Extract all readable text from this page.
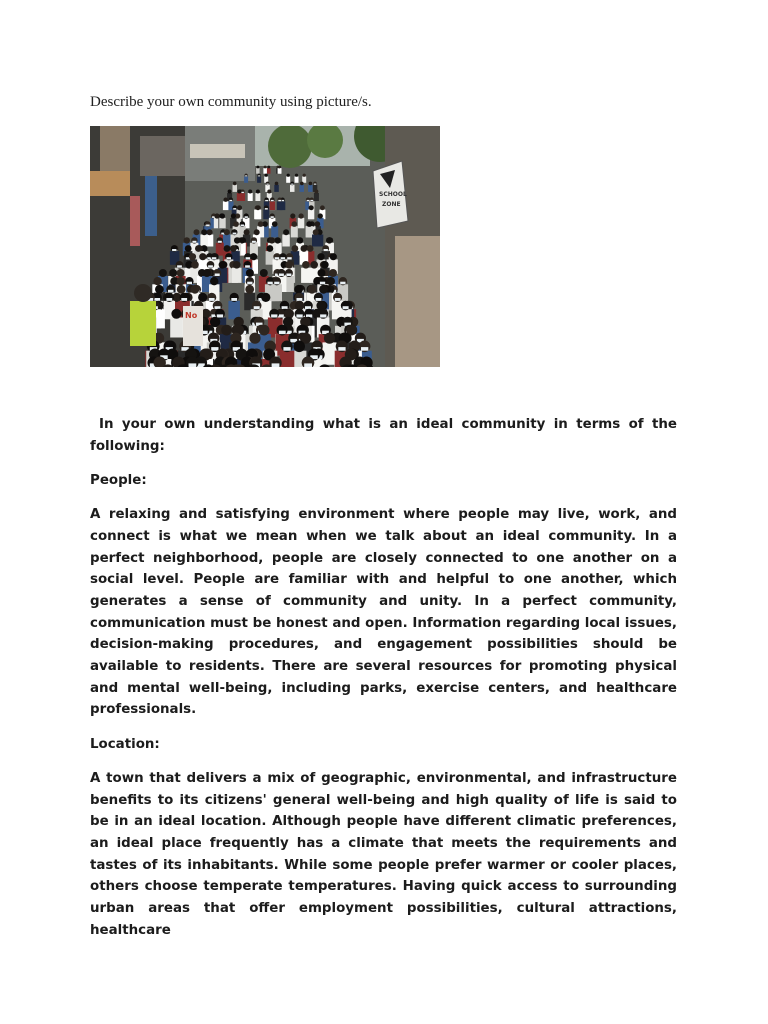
Describe your own community using picture/s.

SCHOOL
ZONE
No

In your own understanding what is an ideal community in terms of the following:

People:

A relaxing and satisfying environment where people may live, work, and connect is what we mean when we talk about an ideal community. In a perfect neighborhood, people are closely connected to one another on a social level. People are familiar with and helpful to one another, which generates a sense of community and unity. In a perfect community, communication must be honest and open. Information regarding local issues, decision-making procedures, and engagement possibilities should be available to residents. There are several resources for promoting physical and mental well-being, including parks, exercise centers, and healthcare professionals.

Location:

A town that delivers a mix of geographic, environmental, and infrastructure benefits to its citizens' general well-being and high quality of life is said to be in an ideal location. Although people have different climatic preferences, an ideal place frequently has a climate that meets the requirements and tastes of its inhabitants. While some people prefer warmer or cooler places, others choose temperate temperatures. Having quick access to surrounding urban areas that offer employment possibilities, cultural attractions, healthcare
